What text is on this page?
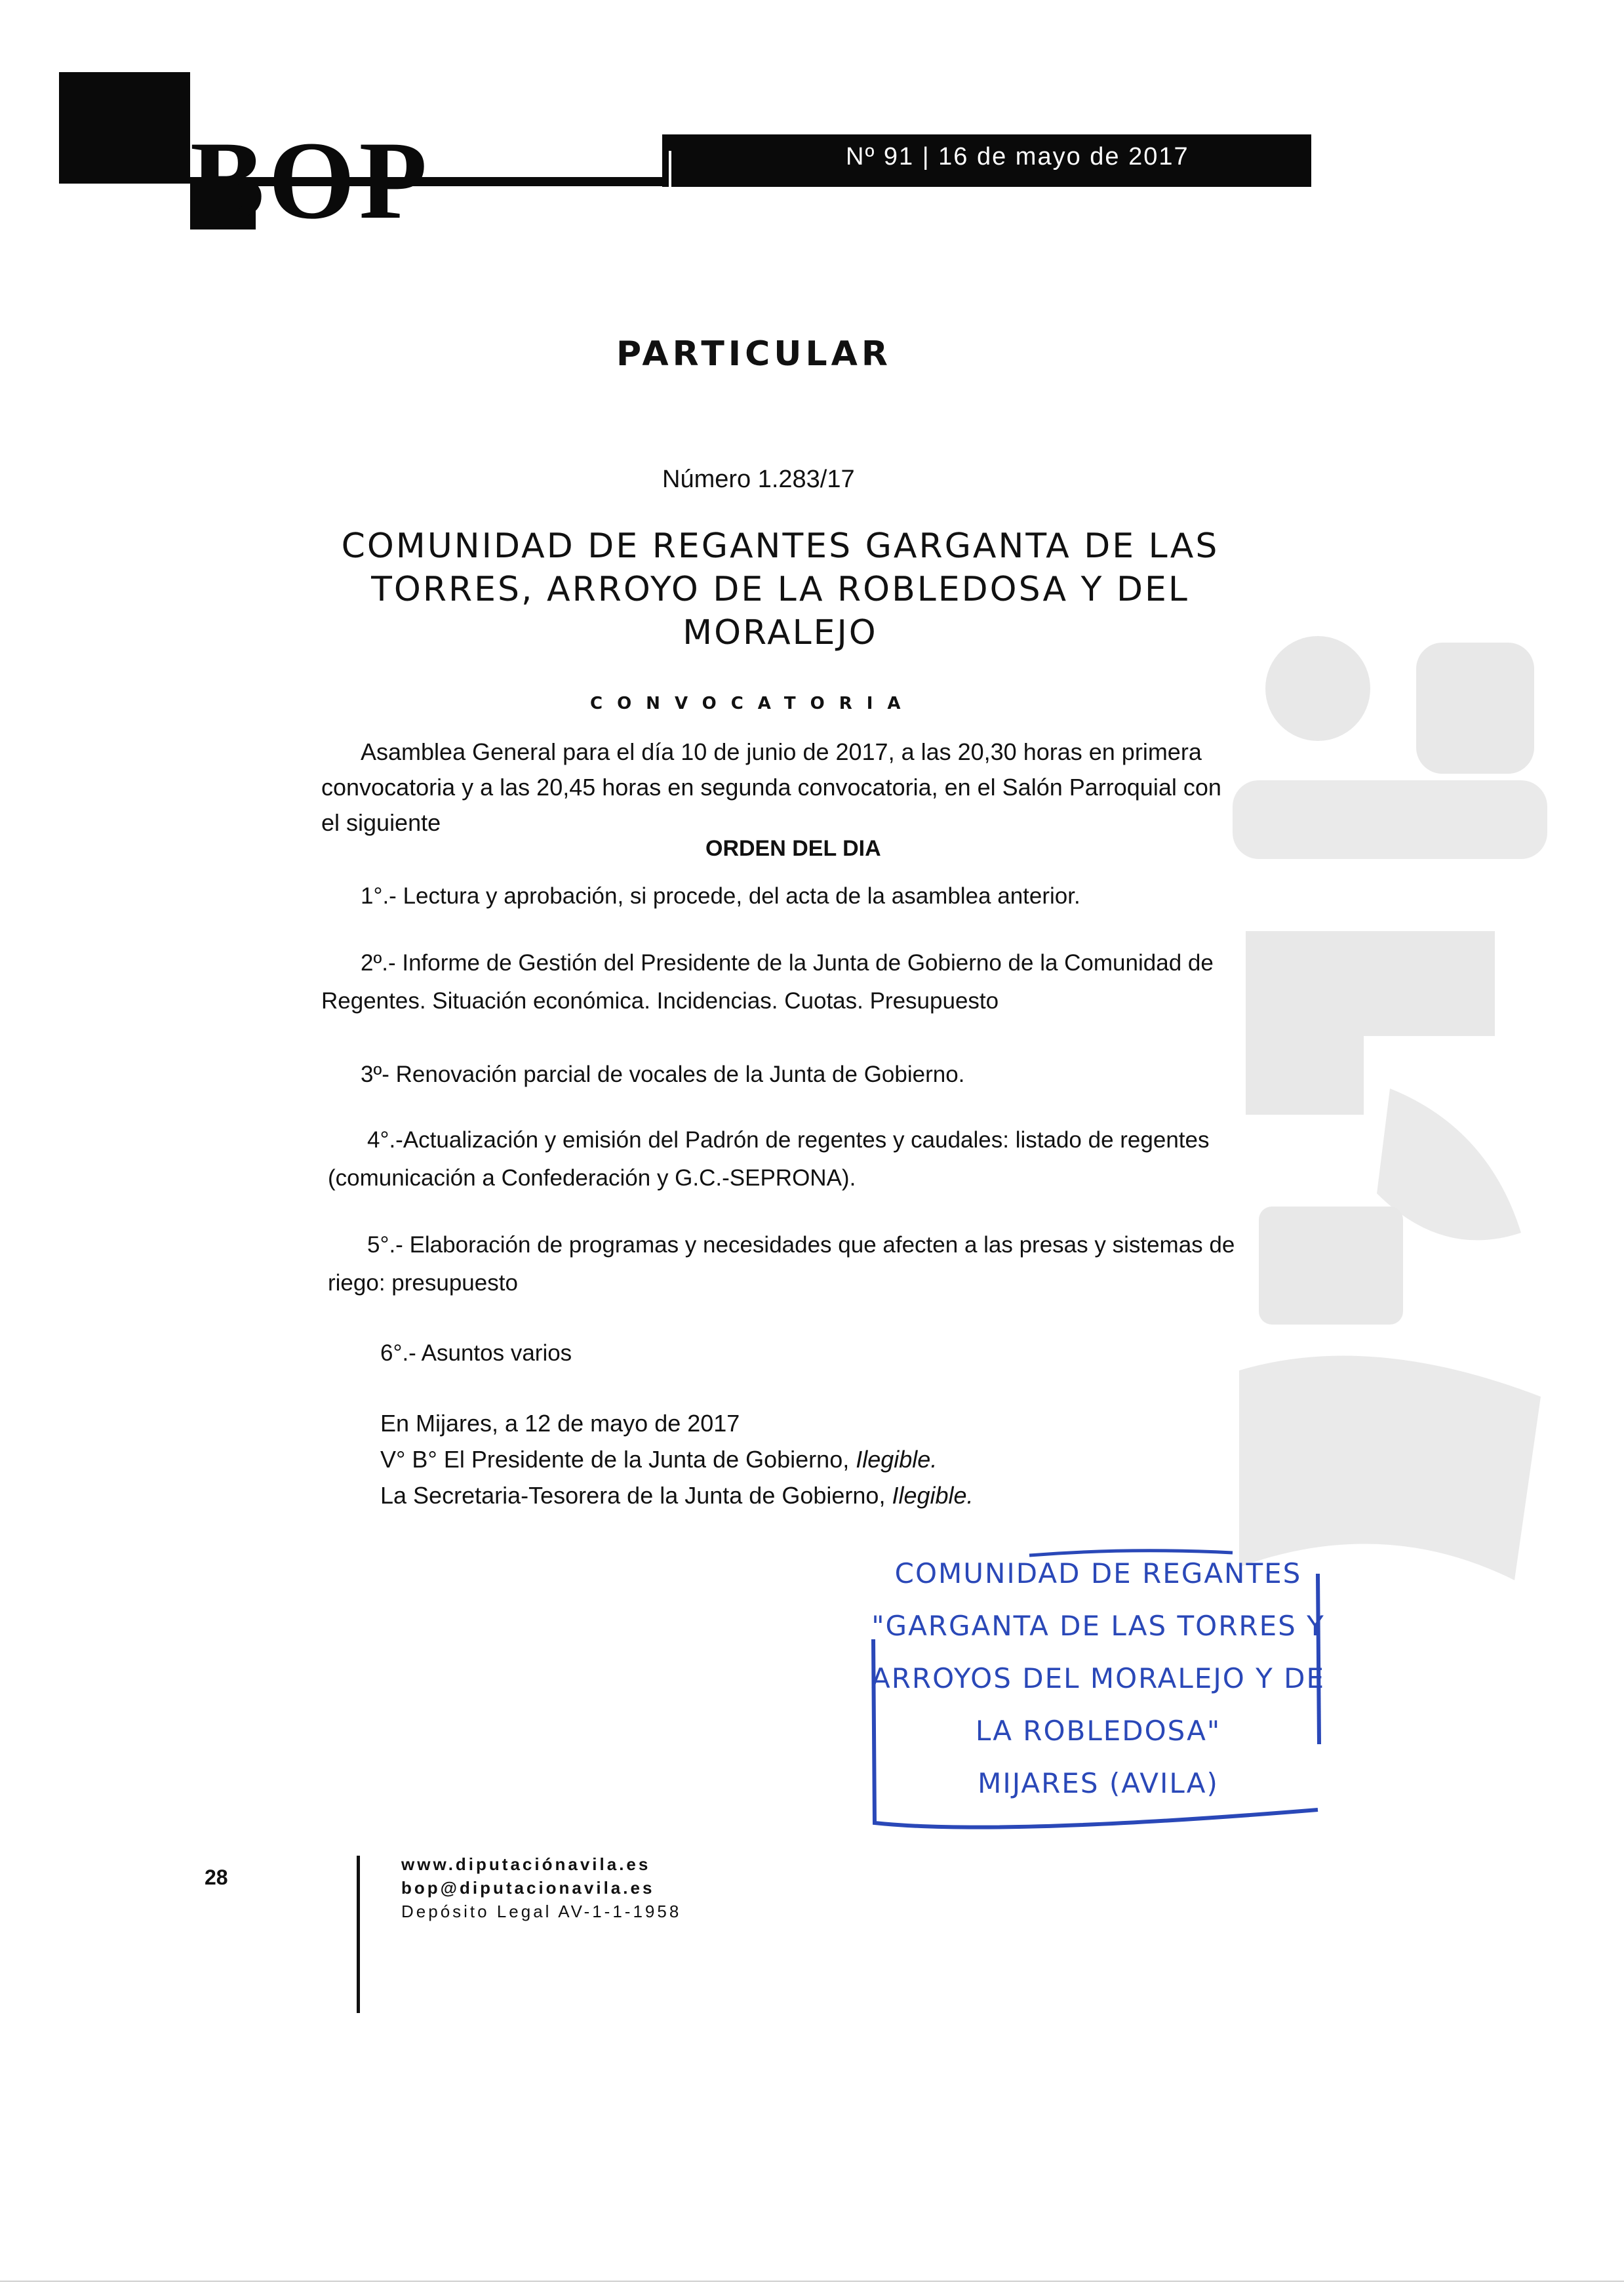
BOP	Nº 91 | 16 de mayo de 2017
PARTICULAR
Número 1.283/17
COMUNIDAD DE REGANTES GARGANTA DE LAS
TORRES, ARROYO DE LA ROBLEDOSA Y DEL
MORALEJO
CONVOCATORIA
Asamblea General para el día 10 de junio de 2017, a las 20,30 horas en primera convocatoria y a las 20,45 horas en segunda convocatoria, en el Salón Parroquial con el siguiente
ORDEN DEL DIA
1°.- Lectura y aprobación, si procede, del acta de la asamblea anterior.
2º.- Informe de Gestión del Presidente de la Junta de Gobierno de la Comunidad de Regentes. Situación económica. Incidencias. Cuotas. Presupuesto
3º- Renovación parcial de vocales de la Junta de Gobierno.
4°.-Actualización y emisión del Padrón de regentes y caudales: listado de regentes (comunicación a Confederación y G.C.-SEPRONA).
5°.- Elaboración de programas y necesidades que afecten a las presas y sistemas de riego: presupuesto
6°.- Asuntos varios
En Mijares, a 12 de mayo de 2017
V° B° El Presidente de la Junta de Gobierno, Ilegible.
La Secretaria-Tesorera de la Junta de Gobierno, Ilegible.
COMUNIDAD DE REGANTES
"GARGANTA DE LAS TORRES Y
ARROYOS DEL MORALEJO Y DE
LA ROBLEDOSA"
MIJARES (AVILA)
28
www.diputaciónavila.es
bop@diputacionavila.es
Depósito Legal AV-1-1-1958
